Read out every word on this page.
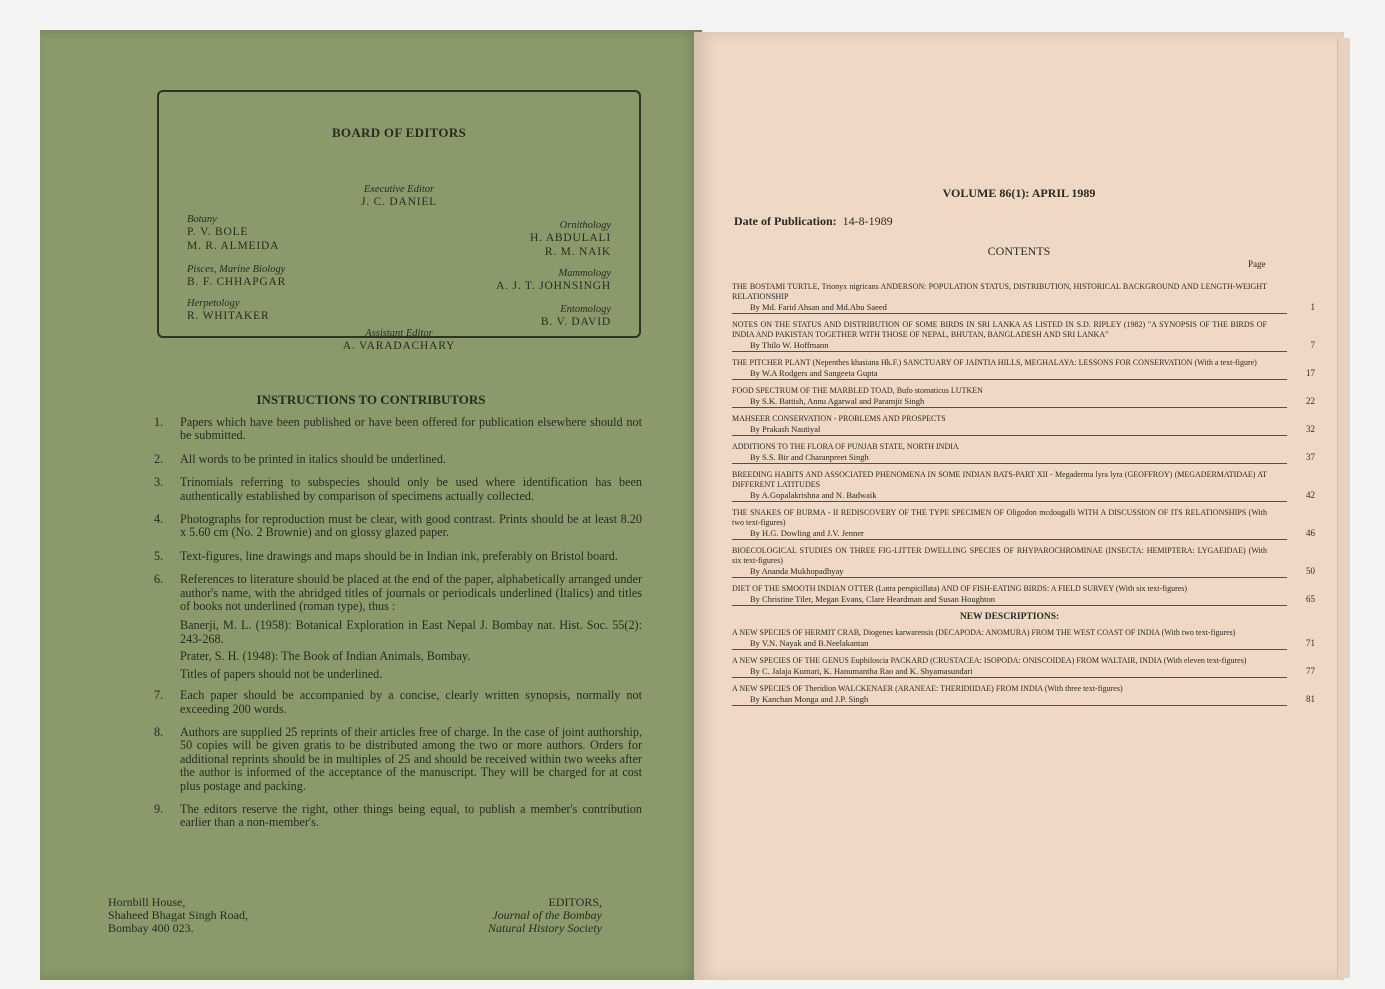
BOARD OF EDITORS
Executive Editor
J. C. DANIEL
Botany
P. V. BOLE
M. R. ALMEIDA
Pisces, Marine Biology
B. F. CHHAPGAR
Herpetology
R. WHITAKER
Ornithology
H. ABDULALI
R. M. NAIK
Mammology
A. J. T. JOHNSINGH
Entomology
B. V. DAVID
Assistant Editor
A. VARADACHARY
INSTRUCTIONS TO CONTRIBUTORS
1. Papers which have been published or have been offered for publication elsewhere should not be submitted.
2. All words to be printed in italics should be underlined.
3. Trinomials referring to subspecies should only be used where identification has been authentically established by comparison of specimens actually collected.
4. Photographs for reproduction must be clear, with good contrast. Prints should be at least 8.20 x 5.60 cm (No. 2 Brownie) and on glossy glazed paper.
5. Text-figures, line drawings and maps should be in Indian ink, preferably on Bristol board.
6. References to literature should be placed at the end of the paper, alphabetically arranged under author's name, with the abridged titles of journals or periodicals underlined (Italics) and titles of books not underlined (roman type), thus :
Banerji, M. L. (1958): Botanical Exploration in East Nepal J. Bombay nat. Hist. Soc. 55(2): 243-268.
Prater, S. H. (1948): The Book of Indian Animals, Bombay.
Titles of papers should not be underlined.
7. Each paper should be accompanied by a concise, clearly written synopsis, normally not exceeding 200 words.
8. Authors are supplied 25 reprints of their articles free of charge. In the case of joint authorship, 50 copies will be given gratis to be distributed among the two or more authors. Orders for additional reprints should be in multiples of 25 and should be received within two weeks after the author is informed of the acceptance of the manuscript. They will be charged for at cost plus postage and packing.
9. The editors reserve the right, other things being equal, to publish a member's contribution earlier than a non-member's.
Hornbill House,
Shaheed Bhagat Singh Road,
Bombay 400 023.
EDITORS,
Journal of the Bombay
Natural History Society
VOLUME 86(1): APRIL 1989
Date of Publication: 14-8-1989
CONTENTS
Page
THE BOSTAMI TURTLE, Trionyx nigricans ANDERSON: POPULATION STATUS, DISTRIBUTION, HISTORICAL BACKGROUND AND LENGTH-WEIGHT RELATIONSHIP
By Md. Farid Ahsan and Md.Abu Saeed	1
NOTES ON THE STATUS AND DISTRIBUTION OF SOME BIRDS IN SRI LANKA AS LISTED IN S.D. RIPLEY (1982) "A SYNOPSIS OF THE BIRDS OF INDIA AND PAKISTAN TOGETHER WITH THOSE OF NEPAL, BHUTAN, BANGLADESH AND SRI LANKA"
By Thilo W. Hoffmann	7
THE PITCHER PLANT (Nepenthes khasiana Hk.F.) SANCTUARY OF JAINTIA HILLS, MEGHALAYA: LESSONS FOR CONSERVATION (With a text-figure)
By W.A Rodgers and Sangeeta Gupta	17
FOOD SPECTRUM OF THE MARBLED TOAD, Bufo stomaticus LUTKEN
By S.K. Battish, Annu Agarwal and Paramjit Singh	22
MAHSEER CONSERVATION - PROBLEMS AND PROSPECTS
By Prakash Nautiyal	32
ADDITIONS TO THE FLORA OF PUNJAB STATE, NORTH INDIA
By S.S. Bir and Charanpreet Singh	37
BREEDING HABITS AND ASSOCIATED PHENOMENA IN SOME INDIAN BATS-PART XII - Megaderma lyra lyra (GEOFFROY) (MEGADERMATIDAE) AT DIFFERENT LATITUDES
By A.Gopalakrishna and N. Badwaik	42
THE SNAKES OF BURMA - II REDISCOVERY OF THE TYPE SPECIMEN OF Oligodon mcdougalli WITH A DISCUSSION OF ITS RELATIONSHIPS (With two text-figures)
By H.G. Dowling and J.V. Jenner	46
BIOECOLOGICAL STUDIES ON THREE FIG-LITTER DWELLING SPECIES OF RHYPAROCHROMINAE (INSECTA: HEMIPTERA: LYGAEIDAE) (With six text-figures)
By Ananda Mukhopadhyay	50
DIET OF THE SMOOTH INDIAN OTTER (Lutra perspicillata) AND OF FISH-EATING BIRDS: A FIELD SURVEY (With six text-figures)
By Christine Tiler, Megan Evans, Clare Heardman and Susan Houghton	65
NEW DESCRIPTIONS:
A NEW SPECIES OF HERMIT CRAB, Diogenes karwarensis (DECAPODA: ANOMURA) FROM THE WEST COAST OF INDIA (With two text-figures)
By V.N. Nayak and B.Neelakantan	71
A NEW SPECIES OF THE GENUS Euphiloscia PACKARD (CRUSTACEA: ISOPODA: ONISCOIDEA) FROM WALTAIR, INDIA (With eleven text-figures)
By C. Jalaja Kumari, K. Hanumantha Rao and K. Shyamasundari	77
A NEW SPECIES OF Theridion WALCKENAER (ARANEAE: THERIDIIDAE) FROM INDIA (With three text-figures)
By Kanchan Monga and J.P. Singh	81
